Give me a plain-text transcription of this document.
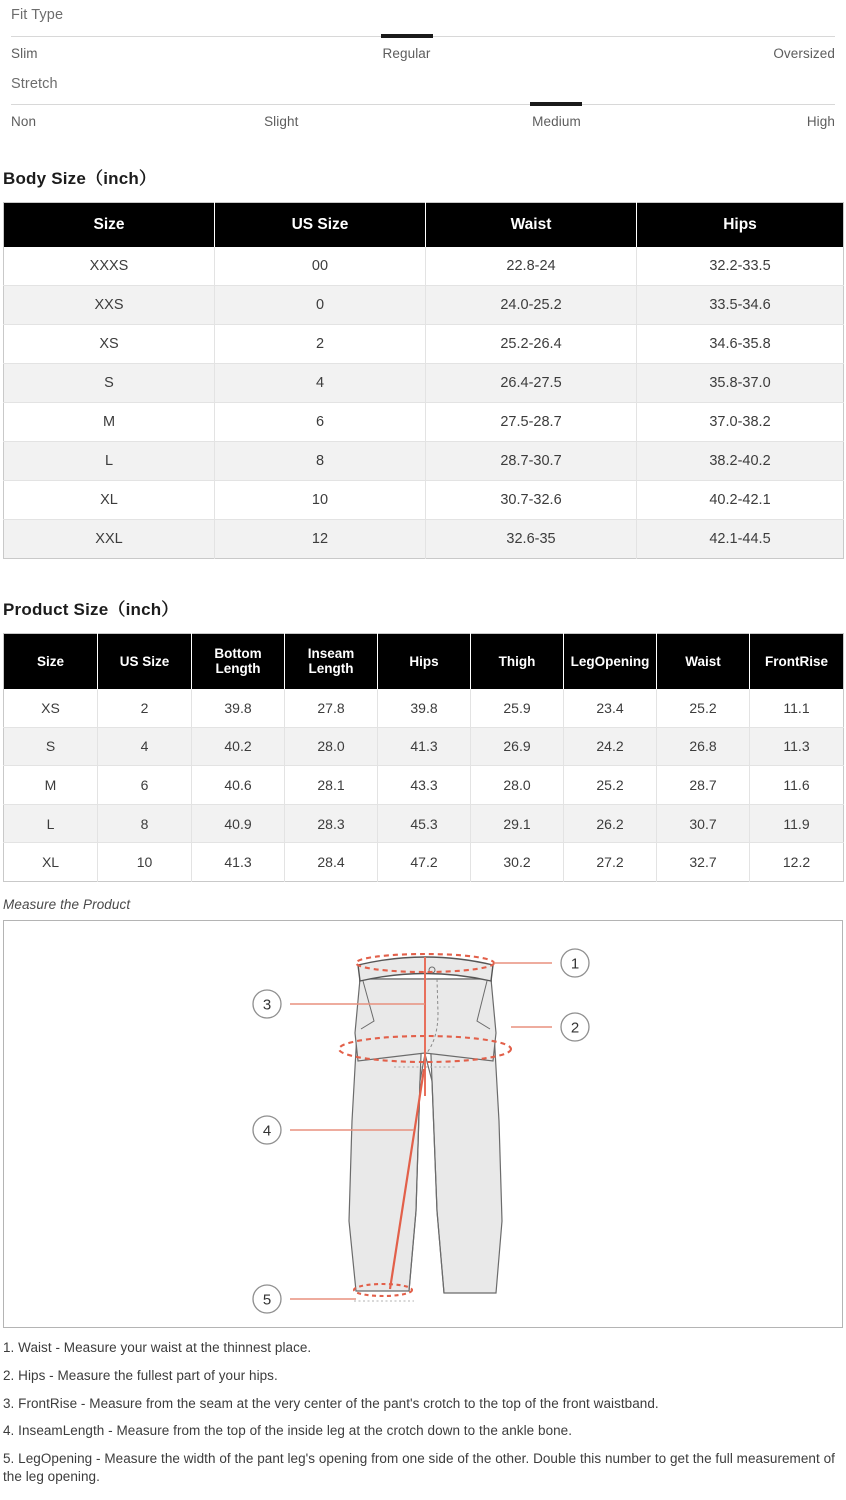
Fit Type
Slim	Regular	Oversized
Stretch
Non	Slight	Medium	High
Body Size（inch）
Size	US Size	Waist	Hips
XXXS	00	22.8-24	32.2-33.5
XXS	0	24.0-25.2	33.5-34.6
XS	2	25.2-26.4	34.6-35.8
S	4	26.4-27.5	35.8-37.0
M	6	27.5-28.7	37.0-38.2
L	8	28.7-30.7	38.2-40.2
XL	10	30.7-32.6	40.2-42.1
XXL	12	32.6-35	42.1-44.5
Product Size（inch）
Size	US Size	Bottom Length	Inseam Length	Hips	Thigh	LegOpening	Waist	FrontRise
XS	2	39.8	27.8	39.8	25.9	23.4	25.2	11.1
S	4	40.2	28.0	41.3	26.9	24.2	26.8	11.3
M	6	40.6	28.1	43.3	28.0	25.2	28.7	11.6
L	8	40.9	28.3	45.3	29.1	26.2	30.7	11.9
XL	10	41.3	28.4	47.2	30.2	27.2	32.7	12.2
Measure the Product
1
2
3
4
5
1. Waist - Measure your waist at the thinnest place.
2. Hips - Measure the fullest part of your hips.
3. FrontRise - Measure from the seam at the very center of the pant's crotch to the top of the front waistband.
4. InseamLength - Measure from the top of the inside leg at the crotch down to the ankle bone.
5. LegOpening - Measure the width of the pant leg's opening from one side of the other. Double this number to get the full measurement of the leg opening.
